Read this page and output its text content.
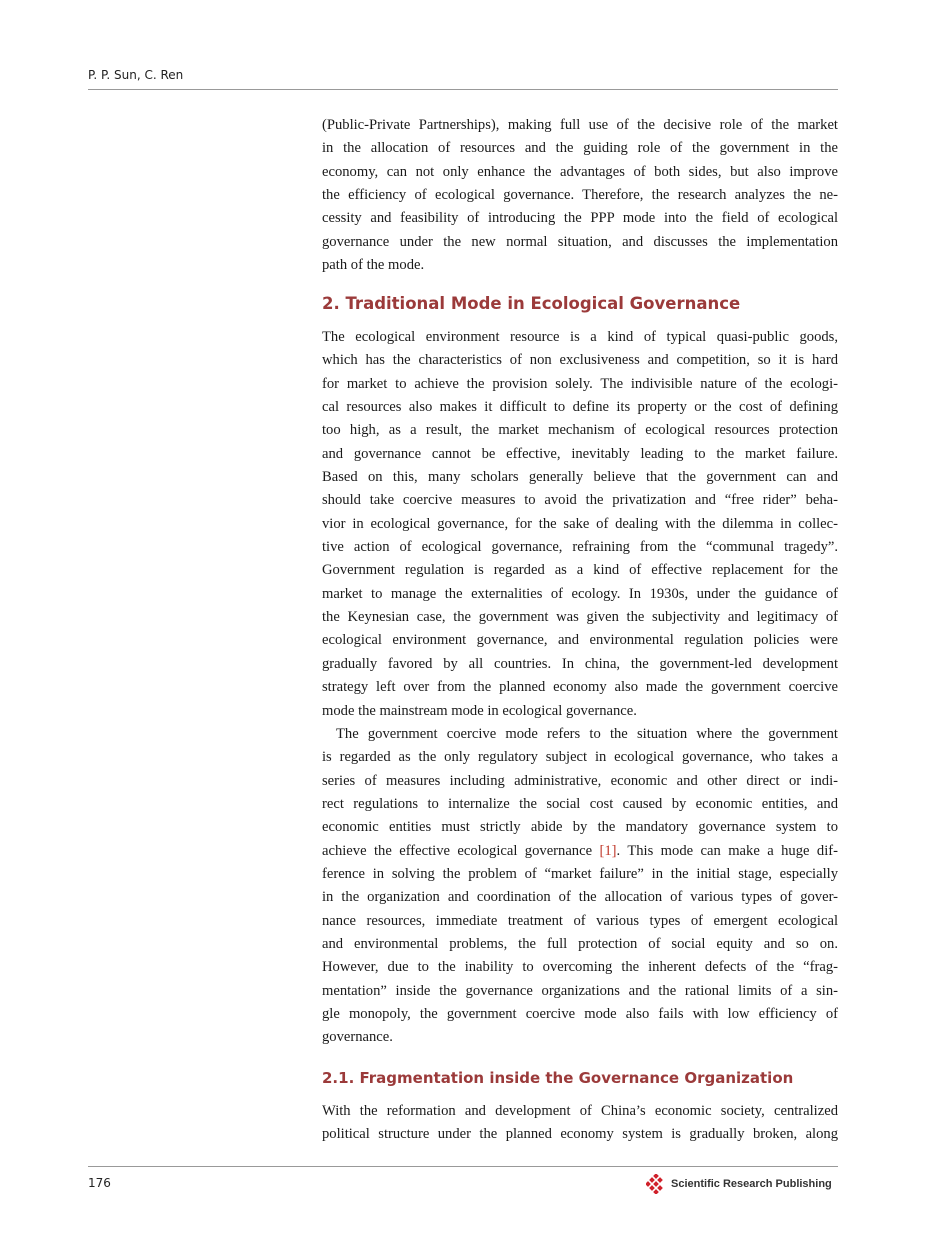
P. P. Sun, C. Ren
(Public-Private Partnerships), making full use of the decisive role of the market
in the allocation of resources and the guiding role of the government in the
economy, can not only enhance the advantages of both sides, but also improve
the efficiency of ecological governance. Therefore, the research analyzes the ne-
cessity and feasibility of introducing the PPP mode into the field of ecological
governance under the new normal situation, and discusses the implementation
path of the mode.
2. Traditional Mode in Ecological Governance
The ecological environment resource is a kind of typical quasi-public goods,
which has the characteristics of non exclusiveness and competition, so it is hard
for market to achieve the provision solely. The indivisible nature of the ecologi-
cal resources also makes it difficult to define its property or the cost of defining
too high, as a result, the market mechanism of ecological resources protection
and governance cannot be effective, inevitably leading to the market failure.
Based on this, many scholars generally believe that the government can and
should take coercive measures to avoid the privatization and “free rider” beha-
vior in ecological governance, for the sake of dealing with the dilemma in collec-
tive action of ecological governance, refraining from the “communal tragedy”.
Government regulation is regarded as a kind of effective replacement for the
market to manage the externalities of ecology. In 1930s, under the guidance of
the Keynesian case, the government was given the subjectivity and legitimacy of
ecological environment governance, and environmental regulation policies were
gradually favored by all countries. In china, the government-led development
strategy left over from the planned economy also made the government coercive
mode the mainstream mode in ecological governance.
The government coercive mode refers to the situation where the government
is regarded as the only regulatory subject in ecological governance, who takes a
series of measures including administrative, economic and other direct or indi-
rect regulations to internalize the social cost caused by economic entities, and
economic entities must strictly abide by the mandatory governance system to
achieve the effective ecological governance [1]. This mode can make a huge dif-
ference in solving the problem of “market failure” in the initial stage, especially
in the organization and coordination of the allocation of various types of gover-
nance resources, immediate treatment of various types of emergent ecological
and environmental problems, the full protection of social equity and so on.
However, due to the inability to overcoming the inherent defects of the “frag-
mentation” inside the governance organizations and the rational limits of a sin-
gle monopoly, the government coercive mode also fails with low efficiency of
governance.
2.1. Fragmentation inside the Governance Organization
With the reformation and development of China’s economic society, centralized
political structure under the planned economy system is gradually broken, along
176	Scientific Research Publishing
